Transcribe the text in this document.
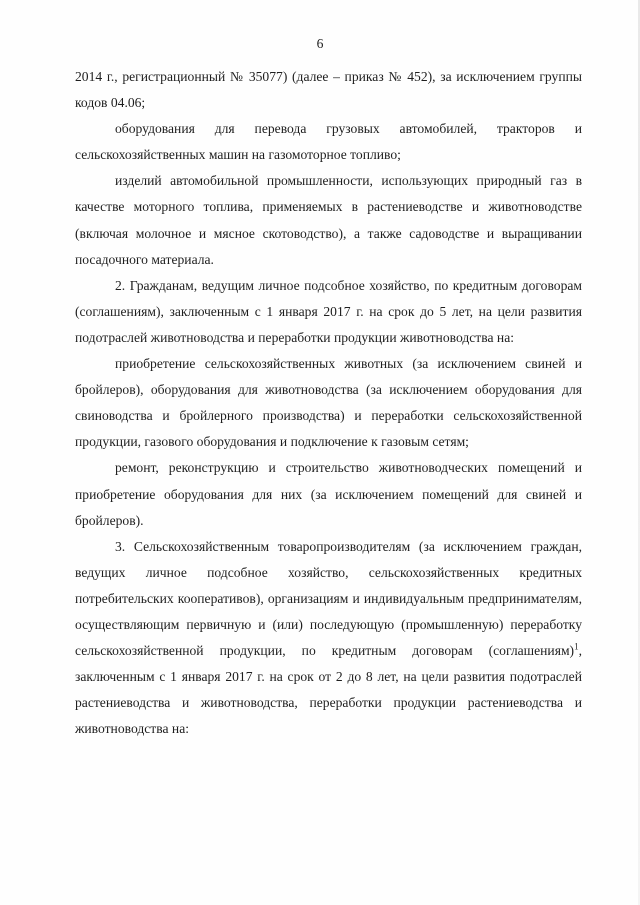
6

2014 г., регистрационный № 35077) (далее – приказ № 452), за исключением группы кодов 04.06;

оборудования для перевода грузовых автомобилей, тракторов и сельскохозяйственных машин на газомоторное топливо;

изделий автомобильной промышленности, использующих природный газ в качестве моторного топлива, применяемых в растениеводстве и животноводстве (включая молочное и мясное скотоводство), а также садоводстве и выращивании посадочного материала.

2. Гражданам, ведущим личное подсобное хозяйство, по кредитным договорам (соглашениям), заключенным с 1 января 2017 г. на срок до 5 лет, на цели развития подотраслей животноводства и переработки продукции животноводства на:

приобретение сельскохозяйственных животных (за исключением свиней и бройлеров), оборудования для животноводства (за исключением оборудования для свиноводства и бройлерного производства) и переработки сельскохозяйственной продукции, газового оборудования и подключение к газовым сетям;

ремонт, реконструкцию и строительство животноводческих помещений и приобретение оборудования для них (за исключением помещений для свиней и бройлеров).

3. Сельскохозяйственным товаропроизводителям (за исключением граждан, ведущих личное подсобное хозяйство, сельскохозяйственных кредитных потребительских кооперативов), организациям и индивидуальным предпринимателям, осуществляющим первичную и (или) последующую (промышленную) переработку сельскохозяйственной продукции, по кредитным договорам (соглашениям)$^1$, заключенным с 1 января 2017 г. на срок от 2 до 8 лет, на цели развития подотраслей растениеводства и животноводства, переработки продукции растениеводства и животноводства на:
